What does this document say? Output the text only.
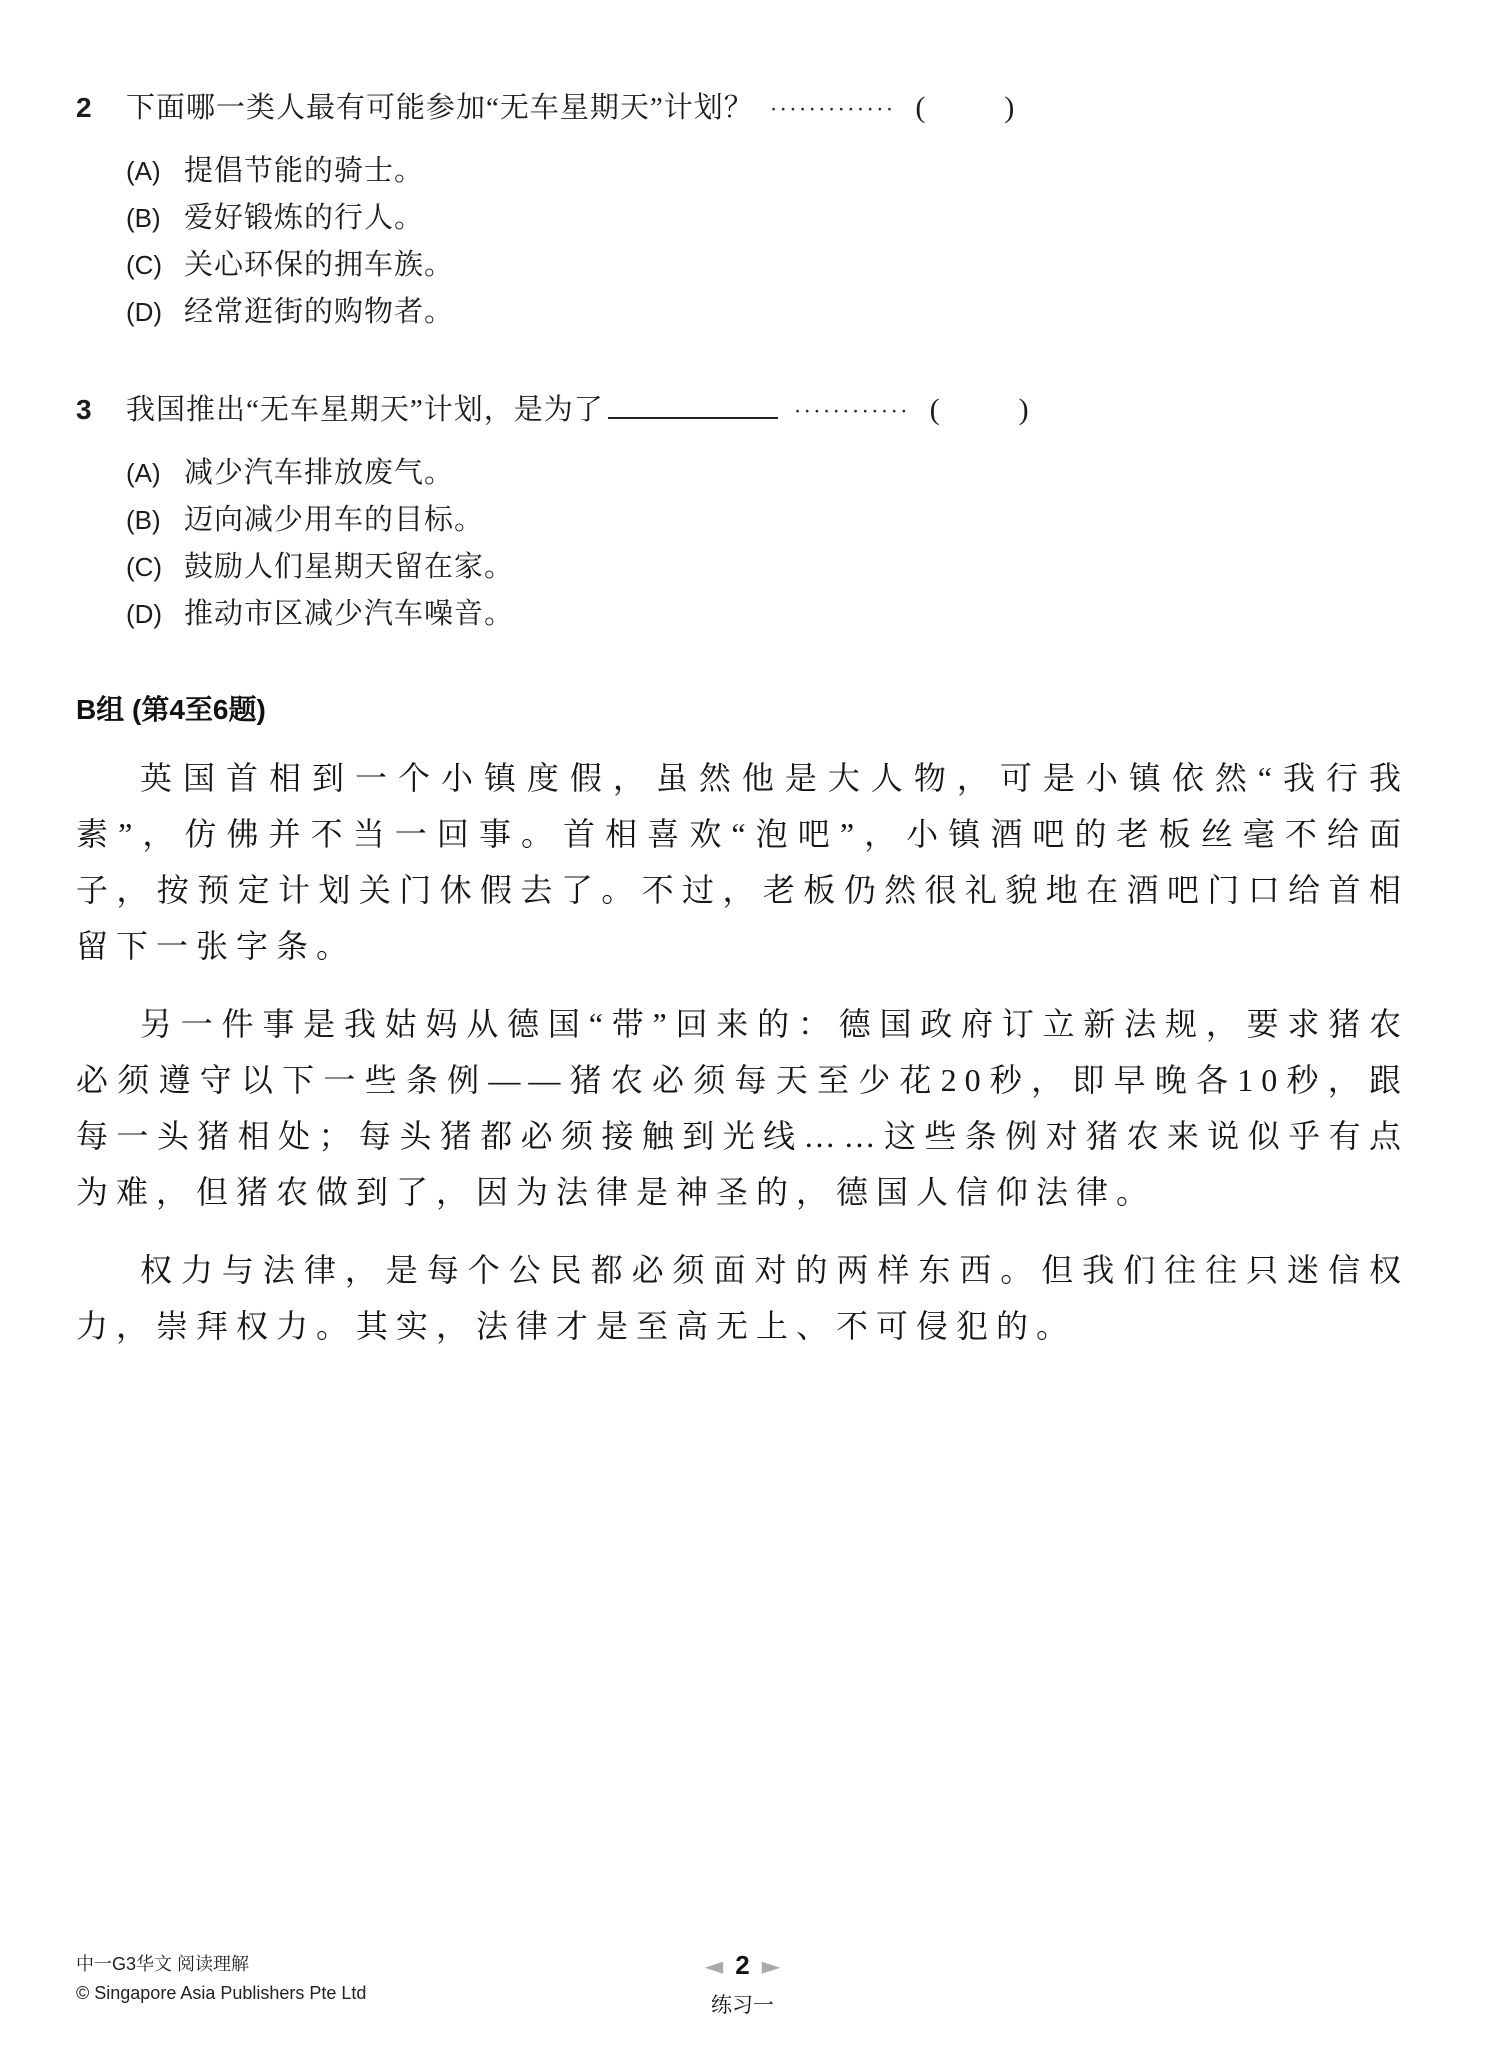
2	下面哪一类人最有可能参加“无车星期天”计划？ ············· (	)
(A) 提倡节能的骑士。
(B) 爱好锻炼的行人。
(C) 关心环保的拥车族。
(D) 经常逛街的购物者。
3	我国推出“无车星期天”计划，是为了	············ (	)
(A) 减少汽车排放废气。
(B) 迈向减少用车的目标。
(C) 鼓励人们星期天留在家。
(D) 推动市区减少汽车噪音。
B组 (第4至6题)

英国首相到一个小镇度假，虽然他是大人物，可是小镇依然“我行我素”，仿佛并不当一回事。首相喜欢“泡吧”，小镇酒吧的老板丝毫不给面子，按预定计划关门休假去了。不过，老板仍然很礼貌地在酒吧门口给首相留下一张字条。

另一件事是我姑妈从德国“带”回来的：德国政府订立新法规，要求猪农必须遵守以下一些条例——猪农必须每天至少花20秒，即早晚各10秒，跟每一头猪相处；每头猪都必须接触到光线……这些条例对猪农来说似乎有点为难，但猪农做到了，因为法律是神圣的，德国人信仰法律。

权力与法律，是每个公民都必须面对的两样东西。但我们往往只迷信权力，崇拜权力。其实，法律才是至高无上、不可侵犯的。

中一G3华文 阅读理解
© Singapore Asia Publishers Pte Ltd
◄ 2 ►
练习一
